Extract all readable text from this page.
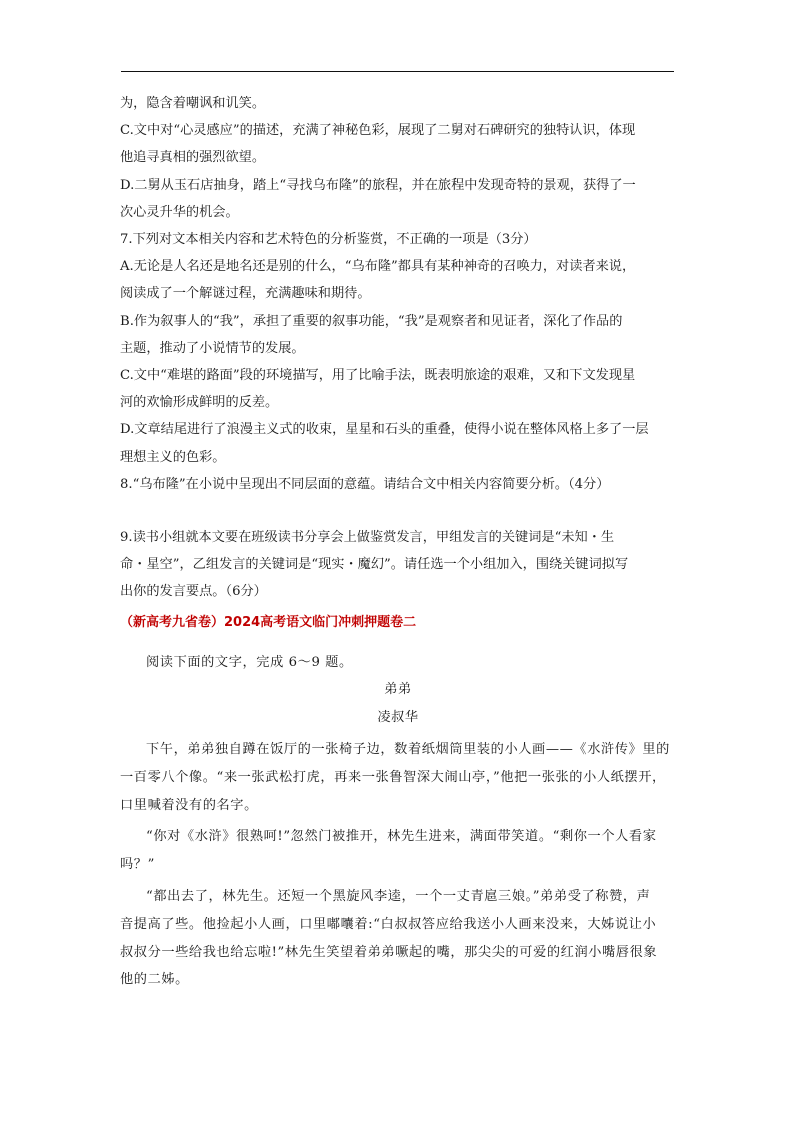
为，隐含着嘲讽和讥笑。

C.文中对“心灵感应”的描述，充满了神秘色彩，展现了二舅对石碑研究的独特认识，体现

他追寻真相的强烈欲望。

D.二舅从玉石店抽身，踏上“寻找乌布隆”的旅程，并在旅程中发现奇特的景观，获得了一

次心灵升华的机会。

7.下列对文本相关内容和艺术特色的分析鉴赏，不正确的一项是（3分）

A.无论是人名还是地名还是别的什么，“乌布隆”都具有某种神奇的召唤力，对读者来说，

阅读成了一个解谜过程，充满趣味和期待。

B.作为叙事人的“我”，承担了重要的叙事功能，“我”是观察者和见证者，深化了作品的

主题，推动了小说情节的发展。

C.文中“难堪的路面”段的环境描写，用了比喻手法，既表明旅途的艰难，又和下文发现星

河的欢愉形成鲜明的反差。

D.文章结尾进行了浪漫主义式的收束，星星和石头的重叠，使得小说在整体风格上多了一层

理想主义的色彩。

8.“乌布隆”在小说中呈现出不同层面的意蕴。请结合文中相关内容简要分析。（4分）

9.读书小组就本文要在班级读书分享会上做鉴赏发言，甲组发言的关键词是“未知・生

命・星空”，乙组发言的关键词是“现实・魔幻”。请任选一个小组加入，围绕关键词拟写

出你的发言要点。（6分）

（新高考九省卷）2024高考语文临门冲刺押题卷二

阅读下面的文字，完成 6～9 题。

弟弟

凌叔华

下午，弟弟独自蹲在饭厅的一张椅子边，数着纸烟筒里装的小人画——《水浒传》里的

一百零八个像。“来一张武松打虎，再来一张鲁智深大闹山亭，”他把一张张的小人纸摆开，

口里喊着没有的名字。

“你对《水浒》很熟呵!”忽然门被推开，林先生进来，满面带笑道。“剩你一个人看家

吗？”

“都出去了，林先生。还短一个黑旋风李逵，一个一丈青扈三娘。”弟弟受了称赞，声

音提高了些。他捡起小人画，口里嘟囔着:“白叔叔答应给我送小人画来没来，大姊说让小

叔叔分一些给我也给忘啦!”林先生笑望着弟弟噘起的嘴，那尖尖的可爱的红润小嘴唇很象

他的二姊。
